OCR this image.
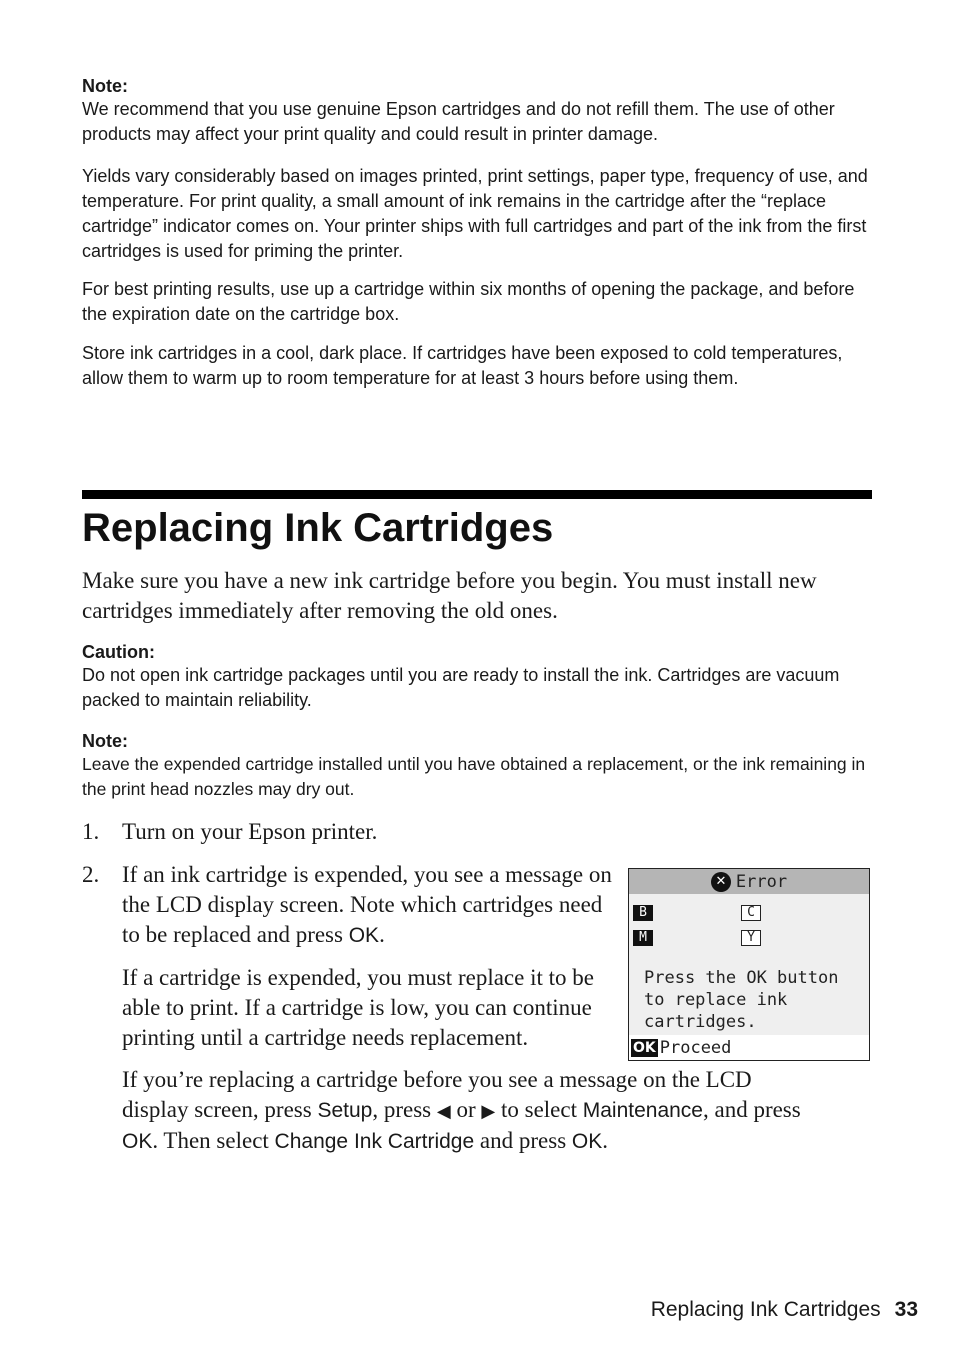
Note:

We recommend that you use genuine Epson cartridges and do not refill them. The use of other products may affect your print quality and could result in printer damage.

Yields vary considerably based on images printed, print settings, paper type, frequency of use, and temperature. For print quality, a small amount of ink remains in the cartridge after the “replace cartridge” indicator comes on. Your printer ships with full cartridges and part of the ink from the first cartridges is used for priming the printer.

For best printing results, use up a cartridge within six months of opening the package, and before the expiration date on the cartridge box.

Store ink cartridges in a cool, dark place. If cartridges have been exposed to cold temperatures, allow them to warm up to room temperature for at least 3 hours before using them.

Replacing Ink Cartridges

Make sure you have a new ink cartridge before you begin. You must install new cartridges immediately after removing the old ones.

Caution:

Do not open ink cartridge packages until you are ready to install the ink. Cartridges are vacuum packed to maintain reliability.

Note:

Leave the expended cartridge installed until you have obtained a replacement, or the ink remaining in the print head nozzles may dry out.

1. Turn on your Epson printer.

2. If an ink cartridge is expended, you see a message on the LCD display screen. Note which cartridges need to be replaced and press OK.

If a cartridge is expended, you must replace it to be able to print. If a cartridge is low, you can continue printing until a cartridge needs replacement.

If you’re replacing a cartridge before you see a message on the LCD display screen, press Setup, press ◀ or ▶ to select Maintenance, and press OK. Then select Change Ink Cartridge and press OK.

✕ Error
B	C
M	Y
Press the OK button to replace ink cartridges.
OK Proceed
Replacing Ink Cartridges 33
